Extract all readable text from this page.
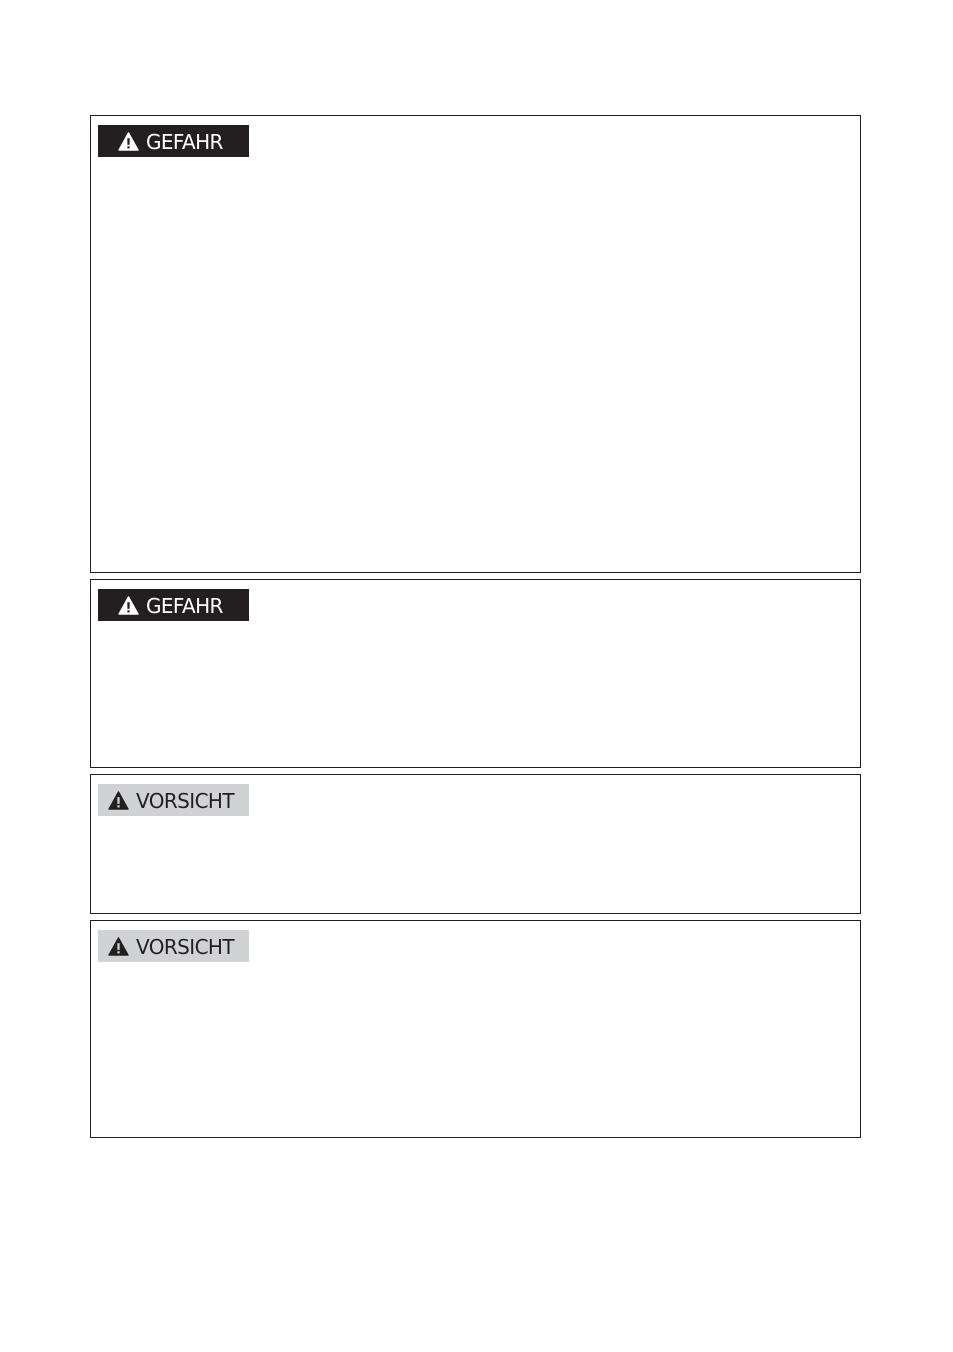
GEFAHR
GEFAHR
VORSICHT
VORSICHT
